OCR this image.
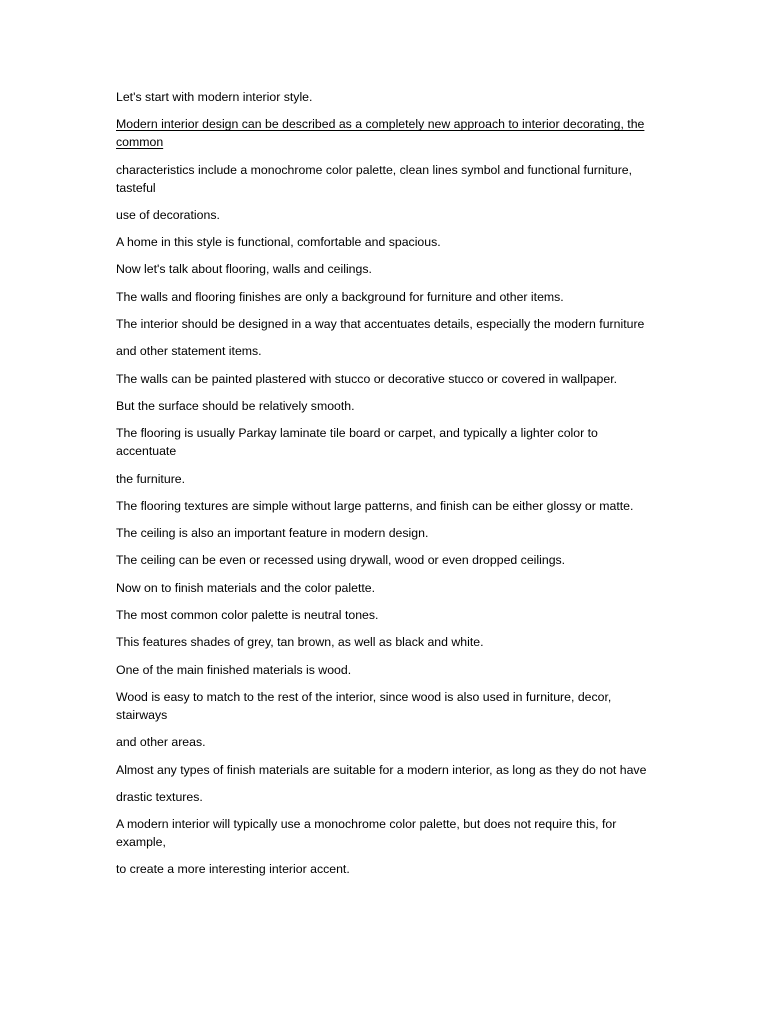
Let's start with modern interior style.

Modern interior design can be described as a completely new approach to interior decorating, the common

characteristics include a monochrome color palette, clean lines symbol and functional furniture, tasteful

use of decorations.

A home in this style is functional, comfortable and spacious.

Now let's talk about flooring, walls and ceilings.

The walls and flooring finishes are only a background for furniture and other items.

The interior should be designed in a way that accentuates details, especially the modern furniture

and other statement items.

The walls can be painted plastered with stucco or decorative stucco or covered in wallpaper.

But the surface should be relatively smooth.

The flooring is usually Parkay laminate tile board or carpet, and typically a lighter color to accentuate

the furniture.

The flooring textures are simple without large patterns, and finish can be either glossy or matte.

The ceiling is also an important feature in modern design.

The ceiling can be even or recessed using drywall, wood or even dropped ceilings.

Now on to finish materials and the color palette.

The most common color palette is neutral tones.

This features shades of grey, tan brown, as well as black and white.

One of the main finished materials is wood.

Wood is easy to match to the rest of the interior, since wood is also used in furniture, decor, stairways

and other areas.

Almost any types of finish materials are suitable for a modern interior, as long as they do not have

drastic textures.

A modern interior will typically use a monochrome color palette, but does not require this, for example,

to create a more interesting interior accent.
